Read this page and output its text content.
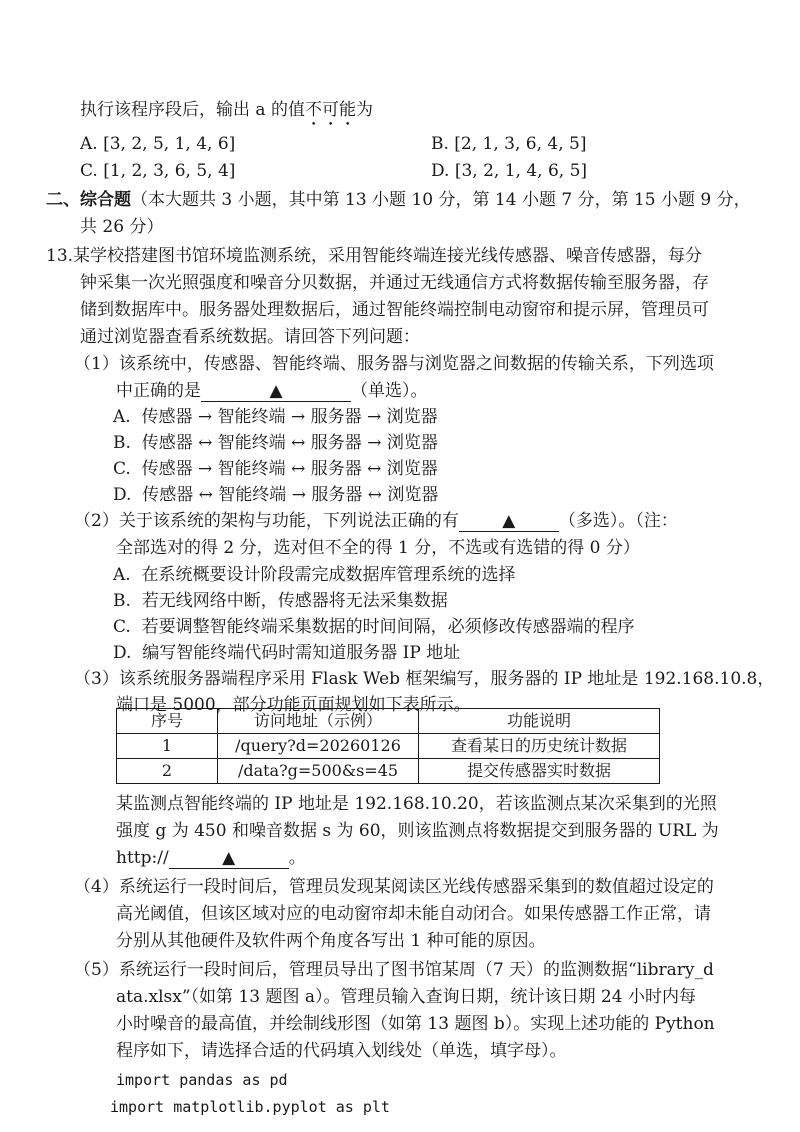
执行该程序段后，输出 a 的值不可能为
A. [3, 2, 5, 1, 4, 6]	B. [2, 1, 3, 6, 4, 5]
C. [1, 2, 3, 6, 5, 4]	D. [3, 2, 1, 4, 6, 5]
二、综合题（本大题共 3 小题，其中第 13 小题 10 分，第 14 小题 7 分，第 15 小题 9 分，
共 26 分）
13.某学校搭建图书馆环境监测系统，采用智能终端连接光线传感器、噪音传感器，每分
钟采集一次光照强度和噪音分贝数据，并通过无线通信方式将数据传输至服务器，存
储到数据库中。服务器处理数据后，通过智能终端控制电动窗帘和提示屏，管理员可
通过浏览器查看系统数据。请回答下列问题：
（1）该系统中，传感器、智能终端、服务器与浏览器之间数据的传输关系，下列选项
中正确的是	▲	（单选）。
A.  传感器 → 智能终端 → 服务器 → 浏览器
B.  传感器 ↔ 智能终端 ↔ 服务器 → 浏览器
C.  传感器 → 智能终端 ↔ 服务器 ↔ 浏览器
D.  传感器 ↔ 智能终端 → 服务器 ↔ 浏览器
（2）关于该系统的架构与功能，下列说法正确的有	▲	（多选）。（注：
全部选对的得 2 分，选对但不全的得 1 分，不选或有选错的得 0 分）
A.  在系统概要设计阶段需完成数据库管理系统的选择
B.  若无线网络中断，传感器将无法采集数据
C.  若要调整智能终端采集数据的时间间隔，必须修改传感器端的程序
D.  编写智能终端代码时需知道服务器 IP 地址
（3）该系统服务器端程序采用 Flask Web 框架编写，服务器的 IP 地址是 192.168.10.8，
端口是 5000，部分功能页面规划如下表所示。
序号	访问地址（示例）	功能说明
1	/query?d=20260126	查看某日的历史统计数据
2	/data?g=500&s=45	提交传感器实时数据
某监测点智能终端的 IP 地址是 192.168.10.20，若该监测点某次采集到的光照
强度 g 为 450 和噪音数据 s 为 60，则该监测点将数据提交到服务器的 URL 为
http://	▲	。
（4）系统运行一段时间后，管理员发现某阅读区光线传感器采集到的数值超过设定的
高光阈值，但该区域对应的电动窗帘却未能自动闭合。如果传感器工作正常，请
分别从其他硬件及软件两个角度各写出 1 种可能的原因。
（5）系统运行一段时间后，管理员导出了图书馆某周（7 天）的监测数据“library_d
ata.xlsx”（如第 13 题图 a）。管理员输入查询日期，统计该日期 24 小时内每
小时噪音的最高值，并绘制线形图（如第 13 题图 b）。实现上述功能的 Python
程序如下，请选择合适的代码填入划线处（单选，填字母）。
import pandas as pd
import matplotlib.pyplot as plt
